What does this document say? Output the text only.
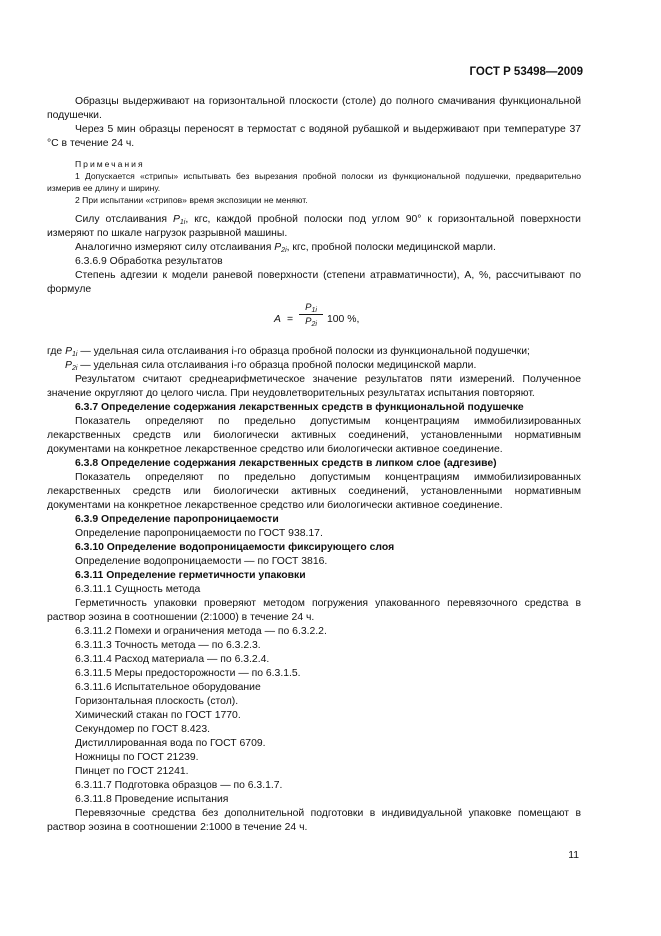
ГОСТ Р 53498—2009

Образцы выдерживают на горизонтальной плоскости (столе) до полного смачивания функциональной подушечки.

Через 5 мин образцы переносят в термостат с водяной рубашкой и выдерживают при температуре 37 °С в течение 24 ч.

Примечания

1 Допускается «стрипы» испытывать без вырезания пробной полоски из функциональной подушечки, предварительно измерив ее длину и ширину.

2 При испытании «стрипов» время экспозиции не меняют.

Силу отслаивания $P_{1i}$, кгс, каждой пробной полоски под углом 90° к горизонтальной поверхности измеряют по шкале нагрузок разрывной машины.

Аналогично измеряют силу отслаивания $P_{2i}$, кгс, пробной полоски медицинской марли.

6.3.6.9 Обработка результатов

Степень адгезии к модели раневой поверхности (степени атравматичности), А, %, рассчитывают по формуле

$A = \frac{P_{1i}}{P_{2i}} 100$ %,

где $P_{1i}$ — удельная сила отслаивания i-го образца пробной полоски из функциональной подушечки;

$P_{2i}$ — удельная сила отслаивания i-го образца пробной полоски медицинской марли.

Результатом считают среднеарифметическое значение результатов пяти измерений. Полученное значение округляют до целого числа. При неудовлетворительных результатах испытания повторяют.

6.3.7 Определение содержания лекарственных средств в функциональной подушечке

Показатель определяют по предельно допустимым концентрациям иммобилизированных лекарственных средств или биологически активных соединений, установленными нормативным документами на конкретное лекарственное средство или биологически активное соединение.

6.3.8 Определение содержания лекарственных средств в липком слое (адгезиве)

Показатель определяют по предельно допустимым концентрациям иммобилизированных лекарственных средств или биологически активных соединений, установленными нормативным документами на конкретное лекарственное средство или биологически активное соединение.

6.3.9 Определение паропроницаемости

Определение паропроницаемости по ГОСТ 938.17.

6.3.10 Определение водопроницаемости фиксирующего слоя

Определение водопроницаемости — по ГОСТ 3816.

6.3.11 Определение герметичности упаковки

6.3.11.1 Сущность метода

Герметичность упаковки проверяют методом погружения упакованного перевязочного средства в раствор эозина в соотношении (2:1000) в течение 24 ч.

6.3.11.2 Помехи и ограничения метода — по 6.3.2.2.

6.3.11.3 Точность метода — по 6.3.2.3.

6.3.11.4 Расход материала — по 6.3.2.4.

6.3.11.5 Меры предосторожности — по 6.3.1.5.

6.3.11.6 Испытательное оборудование

Горизонтальная плоскость (стол).

Химический стакан по ГОСТ 1770.

Секундомер по ГОСТ 8.423.

Дистиллированная вода по ГОСТ 6709.

Ножницы по ГОСТ 21239.

Пинцет по ГОСТ 21241.

6.3.11.7 Подготовка образцов — по 6.3.1.7.

6.3.11.8 Проведение испытания

Перевязочные средства без дополнительной подготовки в индивидуальной упаковке помещают в раствор эозина в соотношении 2:1000 в течение 24 ч.

11
